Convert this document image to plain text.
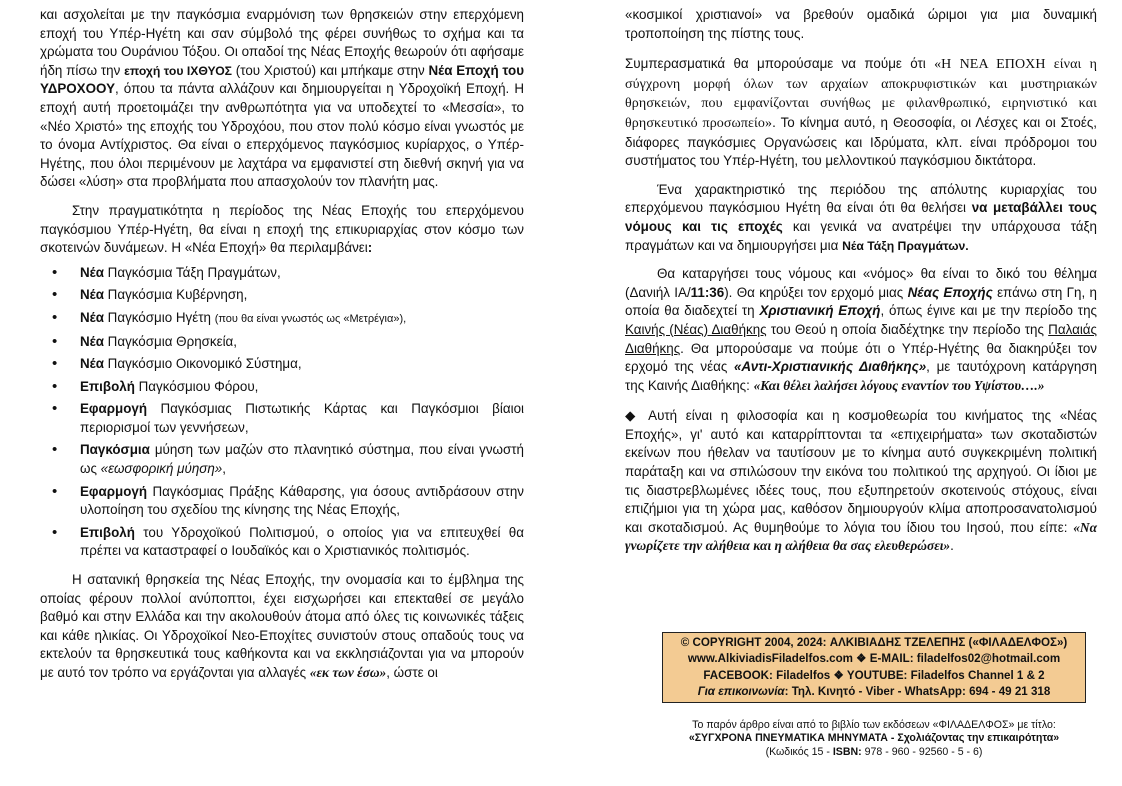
και ασχολείται με την παγκόσμια εναρμόνιση των θρησκειών στην επερχόμενη εποχή του Υπέρ-Ηγέτη και σαν σύμβολό της φέρει συνήθως το σχήμα και τα χρώματα του Ουράνιου Τόξου. Οι οπαδοί της Νέας Εποχής θεωρούν ότι αφήσαμε ήδη πίσω την εποχή του ΙΧΘΥΟΣ (του Χριστού) και μπήκαμε στην Νέα Εποχή του ΥΔΡΟΧΟΟΥ, όπου τα πάντα αλλάζουν και δημιουργείται η Υδροχοϊκή Εποχή. Η εποχή αυτή προετοιμάζει την ανθρωπότητα για να υποδεχτεί το «Μεσσία», το «Νέο Χριστό» της εποχής του Υδροχόου, που στον πολύ κόσμο είναι γνωστός με το όνομα Αντίχριστος. Θα είναι ο επερχόμενος παγκόσμιος κυρίαρχος, ο Υπέρ-Ηγέτης, που όλοι περιμένουν με λαχτάρα να εμφανιστεί στη διεθνή σκηνή για να δώσει «λύση» στα προβλήματα που απασχολούν τον πλανήτη μας.

Στην πραγματικότητα η περίοδος της Νέας Εποχής του επερχόμενου παγκόσμιου Υπέρ-Ηγέτη, θα είναι η εποχή της επικυριαρχίας στον κόσμο των σκοτεινών δυνάμεων. Η «Νέα Εποχή» θα περιλαμβάνει:

• Νέα Παγκόσμια Τάξη Πραγμάτων,
• Νέα Παγκόσμια Κυβέρνηση,
• Νέα Παγκόσμιο Ηγέτη (που θα είναι γνωστός ως «Μετρέγια»),
• Νέα Παγκόσμια Θρησκεία,
• Νέα Παγκόσμιο Οικονομικό Σύστημα,
• Επιβολή Παγκόσμιου Φόρου,
• Εφαρμογή Παγκόσμιας Πιστωτικής Κάρτας και Παγκόσμιοι βίαιοι περιορισμοί των γεννήσεων,
• Παγκόσμια μύηση των μαζών στο πλανητικό σύστημα, που είναι γνωστή ως «εωσφορική μύηση»,
• Εφαρμογή Παγκόσμιας Πράξης Κάθαρσης, για όσους αντιδράσουν στην υλοποίηση του σχεδίου της κίνησης της Νέας Εποχής,
• Επιβολή του Υδροχοϊκού Πολιτισμού, ο οποίος για να επιτευχθεί θα πρέπει να καταστραφεί ο Ιουδαϊκός και ο Χριστιανικός πολιτισμός.

Η σατανική θρησκεία της Νέας Εποχής, την ονομασία και το έμβλημα της οποίας φέρουν πολλοί ανύποπτοι, έχει εισχωρήσει και επεκταθεί σε μεγάλο βαθμό και στην Ελλάδα και την ακολουθούν άτομα από όλες τις κοινωνικές τάξεις και κάθε ηλικίας. Οι Υδροχοϊκοί Νεο-Εποχίτες συνιστούν στους οπαδούς τους να εκτελούν τα θρησκευτικά τους καθήκοντα και να εκκλησιάζονται για να μπορούν με αυτό τον τρόπο να εργάζονται για αλλαγές «εκ των έσω», ώστε οι

«κοσμικοί χριστιανοί» να βρεθούν ομαδικά ώριμοι για μια δυναμική τροποποίηση της πίστης τους.

Συμπερασματικά θα μπορούσαμε να πούμε ότι «Η ΝΕΑ ΕΠΟΧΗ είναι η σύγχρονη μορφή όλων των αρχαίων αποκρυφιστικών και μυστηριακών θρησκειών, που εμφανίζονται συνήθως με φιλανθρωπικό, ειρηνιστικό και θρησκευτικό προσωπείο». Το κίνημα αυτό, η Θεοσοφία, οι Λέσχες και οι Στοές, διάφορες παγκόσμιες Οργανώσεις και Ιδρύματα, κλπ. είναι πρόδρομοι του συστήματος του Υπέρ-Ηγέτη, του μελλοντικού παγκόσμιου δικτάτορα.

Ένα χαρακτηριστικό της περιόδου της απόλυτης κυριαρχίας του επερχόμενου παγκόσμιου Ηγέτη θα είναι ότι θα θελήσει να μεταβάλλει τους νόμους και τις εποχές και γενικά να ανατρέψει την υπάρχουσα τάξη πραγμάτων και να δημιουργήσει μια Νέα Τάξη Πραγμάτων.

Θα καταργήσει τους νόμους και «νόμος» θα είναι το δικό του θέλημα (Δανιήλ ΙΑ/11:36). Θα κηρύξει τον ερχομό μιας Νέας Εποχής επάνω στη Γη, η οποία θα διαδεχτεί τη Χριστιανική Εποχή, όπως έγινε και με την περίοδο της Καινής (Νέας) Διαθήκης του Θεού η οποία διαδέχτηκε την περίοδο της Παλαιάς Διαθήκης. Θα μπορούσαμε να πούμε ότι ο Υπέρ-Ηγέτης θα διακηρύξει τον ερχομό της νέας «Αντι-Χριστιανικής Διαθήκης», με ταυτόχρονη κατάργηση της Καινής Διαθήκης: «Και θέλει λαλήσει λόγους εναντίον του Υψίστου….»

◆ Αυτή είναι η φιλοσοφία και η κοσμοθεωρία του κινήματος της «Νέας Εποχής», γι' αυτό και καταρρίπτονται τα «επιχειρήματα» των σκοταδιστών εκείνων που ήθελαν να ταυτίσουν με το κίνημα αυτό συγκεκριμένη πολιτική παράταξη και να σπιλώσουν την εικόνα του πολιτικού της αρχηγού. Οι ίδιοι με τις διαστρεβλωμένες ιδέες τους, που εξυπηρετούν σκοτεινούς στόχους, είναι επιζήμιοι για τη χώρα μας, καθόσον δημιουργούν κλίμα αποπροσανατολισμού και σκοταδισμού. Ας θυμηθούμε το λόγια του ίδιου του Ιησού, που είπε: «Να γνωρίζετε την αλήθεια και η αλήθεια θα σας ελευθερώσει».

© COPYRIGHT 2004, 2024: ΑΛΚΙΒΙΑΔΗΣ ΤΖΕΛΕΠΗΣ («ΦΙΛΑΔΕΛΦΟΣ»)
www.AlkiviadisFiladelfos.com ❖ E-MAIL: filadelfos02@hotmail.com
FACEBOOK: Filadelfos ❖ YOUTUBE: Filadelfos Channel 1 & 2
Για επικοινωνία: Τηλ. Κινητό - Viber - WhatsApp: 694 - 49 21 318
Το παρόν άρθρο είναι από το βιβλίο των εκδόσεων «ΦΙΛΑΔΕΛΦΟΣ» με τίτλο:
«ΣΥΓΧΡΟΝΑ ΠΝΕΥΜΑΤΙΚΑ ΜΗΝΥΜΑΤΑ - Σχολιάζοντας την επικαιρότητα»
(Κωδικός 15 - ISBN: 978 - 960 - 92560 - 5 - 6)
